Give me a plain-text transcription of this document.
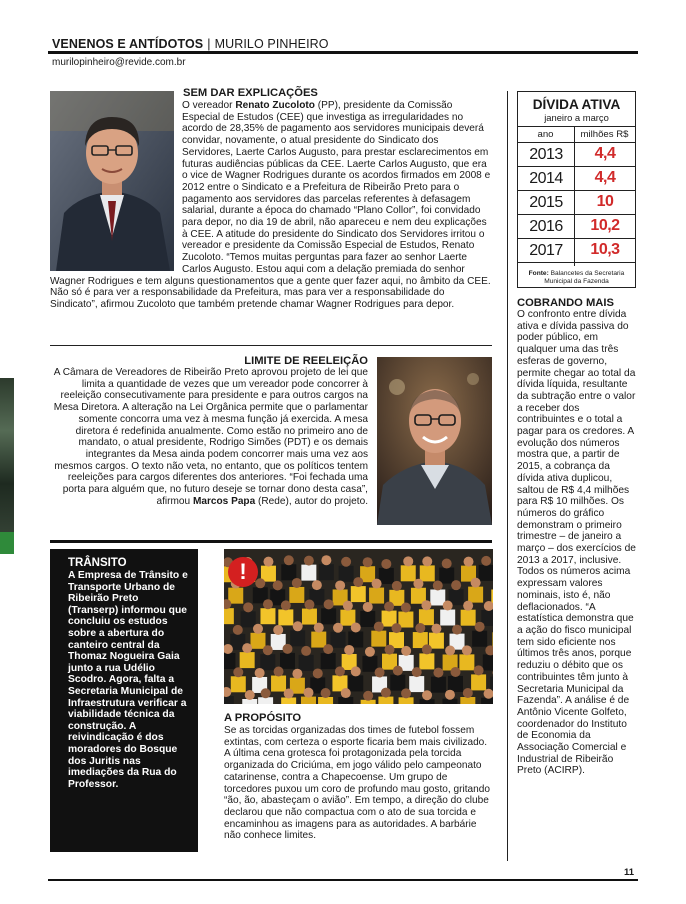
VENENOS E ANTÍDOTOS | MURILO PINHEIRO
murilopinheiro@revide.com.br
SEM DAR EXPLICAÇÕES
O vereador Renato Zucoloto (PP), presidente da Comissão Especial de Estudos (CEE) que investiga as irregularidades no acordo de 28,35% de pagamento aos servidores municipais deverá convidar, novamente, o atual presidente do Sindicato dos Servidores, Laerte Carlos Augusto, para prestar esclarecimentos em futuras audiências públicas da CEE. Laerte Carlos Augusto, que era o vice de Wagner Rodrigues durante os acordos firmados em 2008 e 2012 entre o Sindicato e a Prefeitura de Ribeirão Preto para o pagamento aos servidores das parcelas referentes à defasagem salarial, durante a época do chamado “Plano Collor”, foi convidado para depor, no dia 19 de abril, não apareceu e nem deu explicações à CEE. A atitude do presidente do Sindicato dos Servidores irritou o vereador e presidente da Comissão Especial de Estudos, Renato Zucoloto. “Temos muitas perguntas para fazer ao senhor Laerte Carlos Augusto. Estou aqui com a delação premiada do senhor Wagner Rodrigues e tem alguns questionamentos que a gente quer fazer aqui, no âmbito da CEE. Não só é para ver a responsabilidade da Prefeitura, mas para ver a responsabilidade do Sindicato”, afirmou Zucoloto que também pretende chamar Wagner Rodrigues para depor.
LIMITE DE REELEIÇÃO
A Câmara de Vereadores de Ribeirão Preto aprovou projeto de lei que limita a quantidade de vezes que um vereador pode concorrer à reeleição consecutivamente para presidente e para outros cargos na Mesa Diretora. A alteração na Lei Orgânica permite que o parlamentar somente concorra uma vez à mesma função já exercida. A mesa diretora é redefinida anualmente. Como estão no primeiro ano de mandato, o atual presidente, Rodrigo Simões (PDT) e os demais integrantes da Mesa ainda podem concorrer mais uma vez aos mesmos cargos. O texto não veta, no entanto, que os políticos tentem reeleições para cargos diferentes dos anteriores. “Foi fechada uma porta para alguém que, no futuro deseje se tornar dono desta casa”, afirmou Marcos Papa (Rede), autor do projeto.
TRÂNSITO
A Empresa de Trânsito e Transporte Urbano de Ribeirão Preto (Transerp) informou que concluiu os estudos sobre a abertura do canteiro central da Thomaz Nogueira Gaia junto a rua Udélio Scodro. Agora, falta a Secretaria Municipal de Infraestrutura verificar a viabilidade técnica da construção. A reivindicação é dos moradores do Bosque dos Juritis nas imediações da Rua do Professor.
!
A PROPÓSITO
Se as torcidas organizadas dos times de futebol fossem extintas, com certeza o esporte ficaria bem mais civilizado. A última cena grotesca foi protagonizada pela torcida organizada do Criciúma, em jogo válido pelo campeonato catarinense, contra a Chapecoense. Um grupo de torcedores puxou um coro de profundo mau gosto, gritando “ão, ão, abasteçam o avião”. Em tempo, a direção do clube declarou que não compactua com o ato de sua torcida e encaminhou as imagens para as autoridades. A barbárie não conhece limites.
DÍVIDA ATIVA
janeiro a março
ano	milhões R$
2013	4,4
2014	4,4
2015	10
2016	10,2
2017	10,3
Fonte: Balancetes da Secretaria Municipal da Fazenda
COBRANDO MAIS
O confronto entre dívida ativa e dívida passiva do poder público, em qualquer uma das três esferas de governo, permite chegar ao total da dívida líquida, resultante da subtração entre o valor a receber dos contribuintes e o total a pagar para os credores. A evolução dos números mostra que, a partir de 2015, a cobrança da dívida ativa duplicou, saltou de R$ 4,4 milhões para R$ 10 milhões. Os números do gráfico demonstram o primeiro trimestre – de janeiro a março – dos exercícios de 2013 a 2017, inclusive. Todos os números acima expressam valores nominais, isto é, não deflacionados. “A estatística demonstra que a ação do fisco municipal tem sido eficiente nos últimos três anos, porque reduziu o débito que os contribuintes têm junto à Secretaria Municipal da Fazenda”. A análise é de Antônio Vicente Golfeto, coordenador do Instituto de Economia da Associação Comercial e Industrial de Ribeirão Preto (ACIRP).
11
